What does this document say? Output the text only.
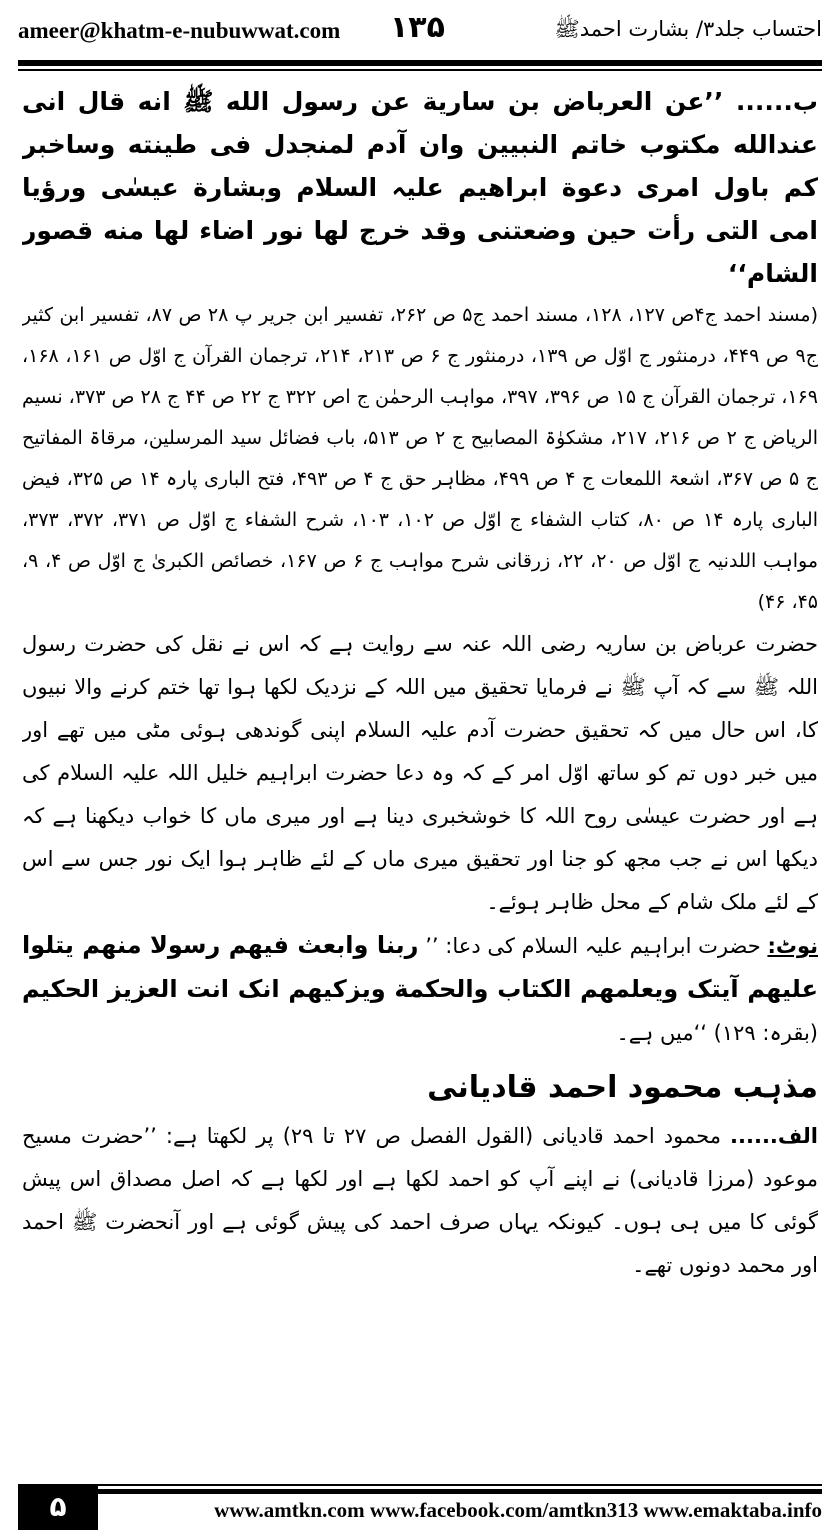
ameer@khatm-e-nubuwwat.com ۱۳۵	احتساب جلد۳/ بشارت احمدﷺ

ب...... ’’عن العرباض بن سارية عن رسول الله ﷺ انه قال انى عندالله مكتوب خاتم النبيين وان آدم لمنجدل فى طينته وساخبر كم باول امرى دعوة ابراهيم علیہ السلام وبشارة عيسٰى ورؤيا امى التى رأت حين وضعتنى وقد خرج لها نور اضاء لها منه قصور الشام‘‘

(مسند احمد ج۴ص ۱۲۷، ۱۲۸، مسند احمد ج۵ ص ۲۶۲، تفسیر ابن جریر پ ۲۸ ص ۸۷، تفسیر ابن کثیر ج۹ ص ۴۴۹، درمنثور ج اوّل ص ۱۳۹، درمنثور ج ۶ ص ۲۱۳، ۲۱۴، ترجمان القرآن ج اوّل ص ۱۶۱، ۱۶۸، ۱۶۹، ترجمان القرآن ج ۱۵ ص ۳۹۶، ۳۹۷، مواہب الرحمٰن ج اص ۳۲۲ ج ۲۲ ص ۴۴ ج ۲۸ ص ۳۷۳، نسیم الریاض ج ۲ ص ۲۱۶، ۲۱۷، مشکوٰۃ المصابیح ج ۲ ص ۵۱۳، باب فضائل سید المرسلین، مرقاۃ المفاتیح ج ۵ ص ۳۶۷، اشعۃ اللمعات ج ۴ ص ۴۹۹، مظاہر حق ج ۴ ص ۴۹۳، فتح الباری پارہ ۱۴ ص ۳۲۵، فیض الباری پارہ ۱۴ ص ۸۰، کتاب الشفاء ج اوّل ص ۱۰۲، ۱۰۳، شرح الشفاء ج اوّل ص ۳۷۱، ۳۷۲، ۳۷۳، مواہب اللدنیہ ج اوّل ص ۲۰، ۲۲، زرقانی شرح مواہب ج ۶ ص ۱۶۷، خصائص الکبریٰ ج اوّل ص ۴، ۹، ۴۵، ۴۶)

حضرت عرباض بن ساریہ رضی اللہ عنہ سے روایت ہے کہ اس نے نقل کی حضرت رسول اللہ ﷺ سے کہ آپ ﷺ نے فرمایا تحقیق میں اللہ کے نزدیک لکھا ہوا تھا ختم کرنے والا نبیوں کا، اس حال میں کہ تحقیق حضرت آدم علیہ السلام اپنی گوندھی ہوئی مٹی میں تھے اور میں خبر دوں تم کو ساتھ اوّل امر کے کہ وہ دعا حضرت ابراہیم خلیل اللہ علیہ السلام کی ہے اور حضرت عیسٰی روح اللہ کا خوشخبری دینا ہے اور میری ماں کا خواب دیکھنا ہے کہ دیکھا اس نے جب مجھ کو جنا اور تحقیق میری ماں کے لئے ظاہر ہوا ایک نور جس سے اس کے لئے ملک شام کے محل ظاہر ہوئے۔

نوٹ: حضرت ابراہیم علیہ السلام کی دعا: ’’ ربنا وابعث فيهم رسولا منهم يتلوا عليهم آيتک ويعلمهم الكتاب والحكمة ويزكيهم انک انت العزيز الحكيم (بقرہ: ۱۲۹) ‘‘میں ہے۔

مذہب محمود احمد قادیانی

الف...... محمود احمد قادیانی (القول الفصل ص ۲۷ تا ۲۹) پر لکھتا ہے: ’’حضرت مسیح موعود (مرزا قادیانی) نے اپنے آپ کو احمد لکھا ہے اور لکھا ہے کہ اصل مصداق اس پیش گوئی کا میں ہی ہوں۔ کیونکہ یہاں صرف احمد کی پیش گوئی ہے اور آنحضرت ﷺ احمد اور محمد دونوں تھے۔

۵	www.amtkn.com www.facebook.com/amtkn313 www.emaktaba.info
